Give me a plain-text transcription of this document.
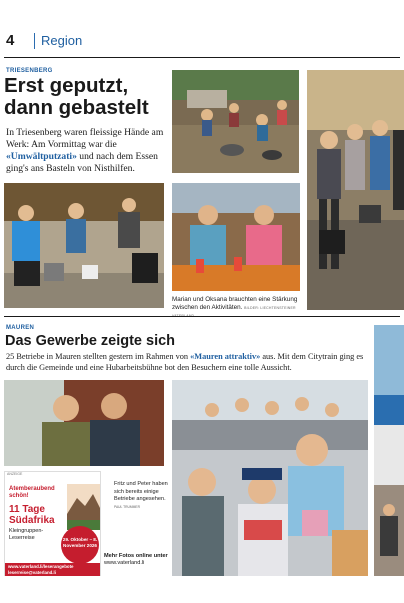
4 Region
TRIESENBERG
Erst geputzt, dann gebastelt
In Triesenberg waren fleissige Hände am Werk: Am Vormittag war die «Umwältputzati» und nach dem Essen ging's ans Basteln von Nisthilfen.
Marian und Oksana brauchten eine Stärkung zwischen den Aktivitäten. BILDER: LIECHTENSTEINER
MAUREN
Das Gewerbe zeigte sich
25 Betriebe in Mauren stellten gestern im Rahmen von «Mauren attraktiv» aus. Mit dem Citytrain ging es durch die Gemeinde und eine Hubarbeitsbühne bot den Besuchern eine tolle Aussicht.
Fritz und Peter haben sich bereits einige Betriebe angesehen. PAUL TRUMMER
Mehr Fotos online unter
www.vaterland.li
ANZEIGE
Atemberaubend schön!
11 Tage Südafrika
Kleingruppen-Leserreise	29. Oktober – 8. November 2026
www.vaterland.li/leserangebote
leserreise@vaterland.li
